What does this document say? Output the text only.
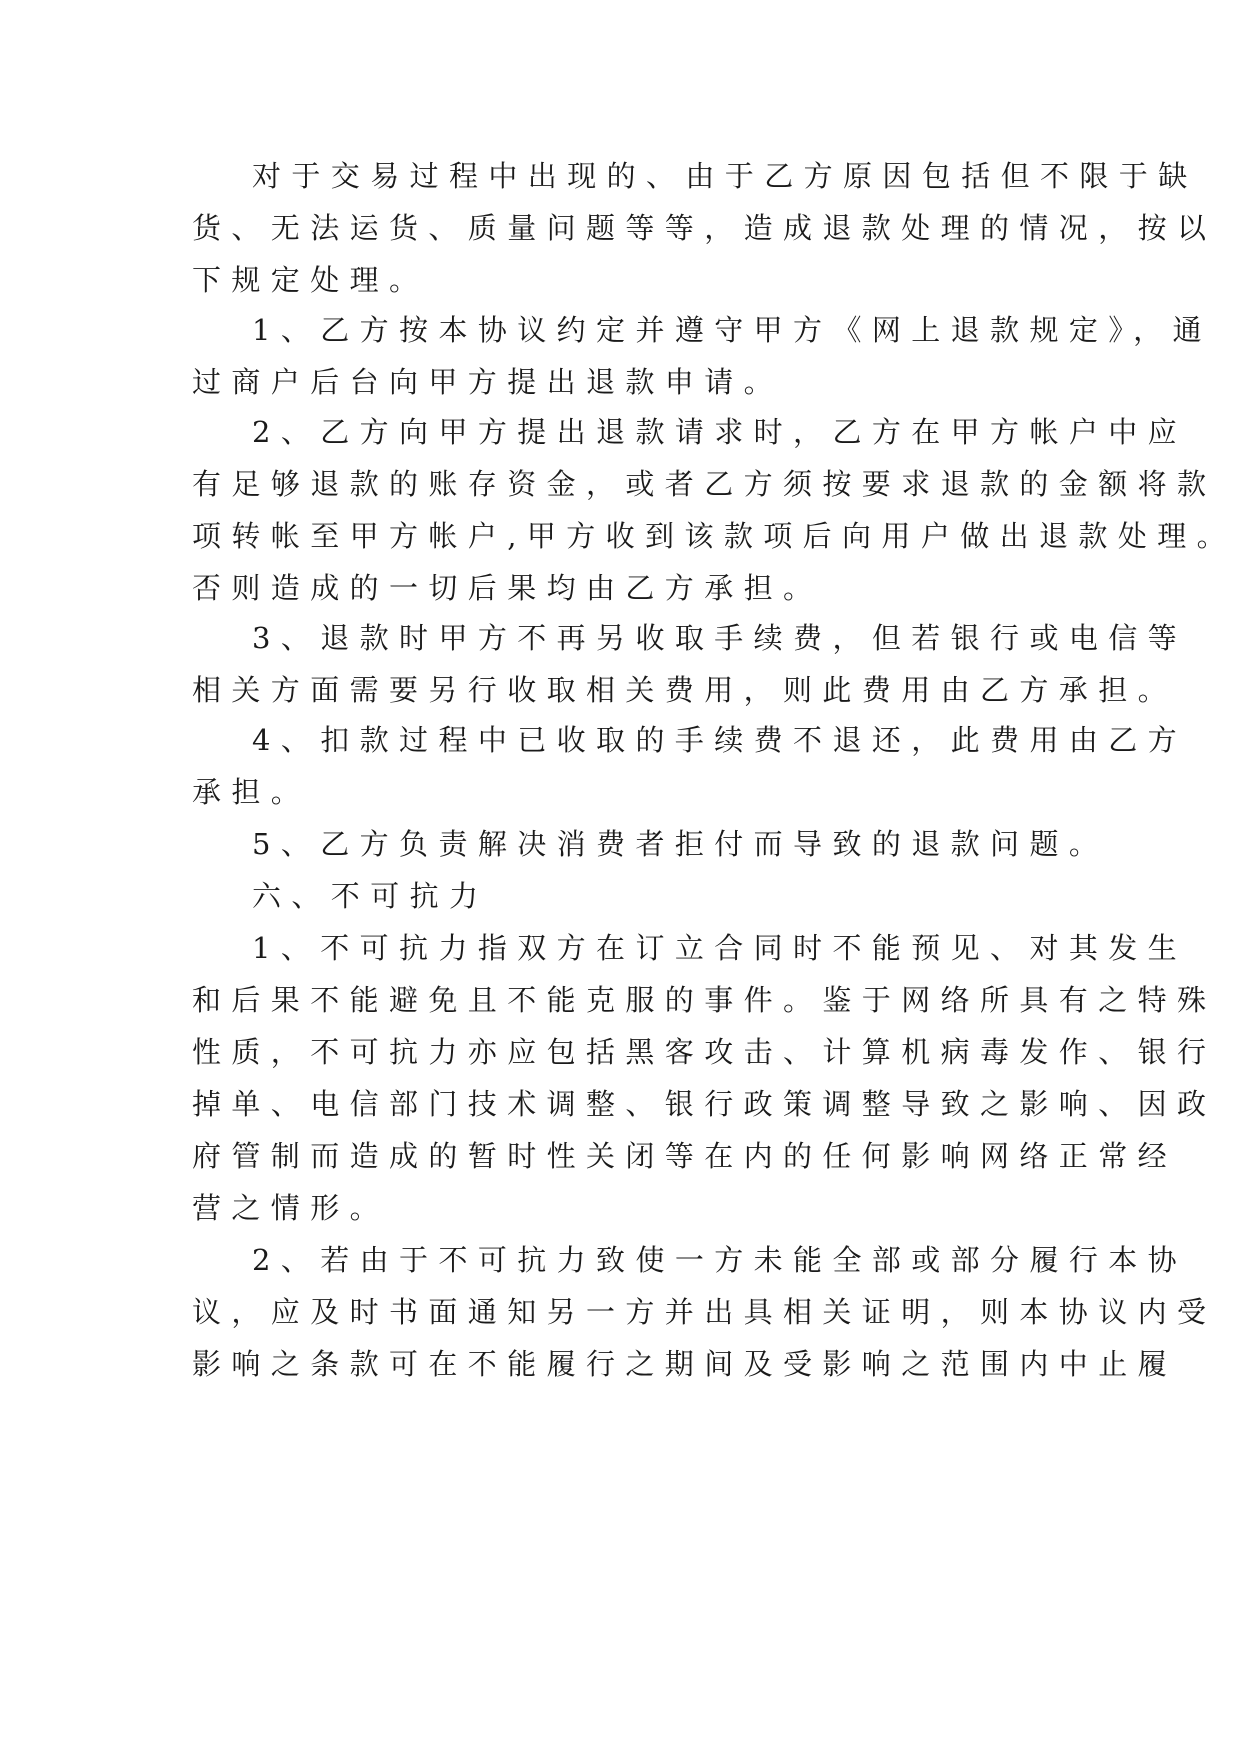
对于交易过程中出现的、由于乙方原因包括但不限于缺
货、无法运货、质量问题等等，造成退款处理的情况，按以
下规定处理。
1、乙方按本协议约定并遵守甲方《网上退款规定》，通
过商户后台向甲方提出退款申请。
2、乙方向甲方提出退款请求时，乙方在甲方帐户中应
有足够退款的账存资金，或者乙方须按要求退款的金额将款
项转帐至甲方帐户,甲方收到该款项后向用户做出退款处理。
否则造成的一切后果均由乙方承担。
3、退款时甲方不再另收取手续费，但若银行或电信等
相关方面需要另行收取相关费用，则此费用由乙方承担。
4、扣款过程中已收取的手续费不退还，此费用由乙方
承担。
5、乙方负责解决消费者拒付而导致的退款问题。
六、不可抗力
1、不可抗力指双方在订立合同时不能预见、对其发生
和后果不能避免且不能克服的事件。鉴于网络所具有之特殊
性质，不可抗力亦应包括黑客攻击、计算机病毒发作、银行
掉单、电信部门技术调整、银行政策调整导致之影响、因政
府管制而造成的暂时性关闭等在内的任何影响网络正常经
营之情形。
2、若由于不可抗力致使一方未能全部或部分履行本协
议，应及时书面通知另一方并出具相关证明，则本协议内受
影响之条款可在不能履行之期间及受影响之范围内中止履
